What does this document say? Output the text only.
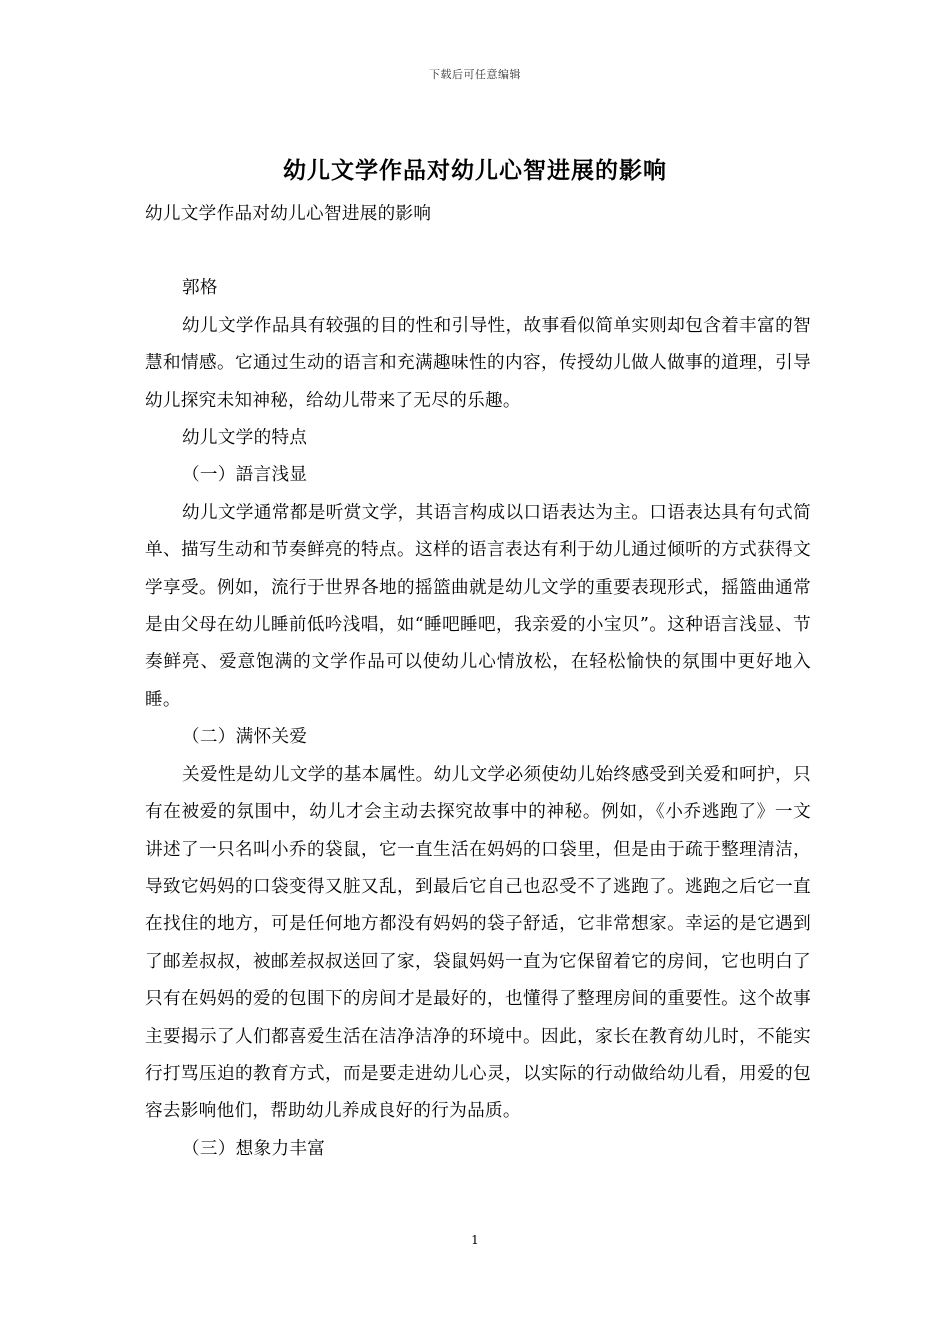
下载后可任意编辑
幼儿文学作品对幼儿心智进展的影响

幼儿文学作品对幼儿心智进展的影响

郭格

幼儿文学作品具有较强的目的性和引导性，故事看似简单实则却包含着丰富的智慧和情感。它通过生动的语言和充满趣味性的内容，传授幼儿做人做事的道理，引导幼儿探究未知神秘，给幼儿带来了无尽的乐趣。

幼儿文学的特点

（一）語言浅显

幼儿文学通常都是听赏文学，其语言构成以口语表达为主。口语表达具有句式简单、描写生动和节奏鲜亮的特点。这样的语言表达有利于幼儿通过倾听的方式获得文学享受。例如，流行于世界各地的摇篮曲就是幼儿文学的重要表现形式，摇篮曲通常是由父母在幼儿睡前低吟浅唱，如“睡吧睡吧，我亲爱的小宝贝”。这种语言浅显、节奏鲜亮、爱意饱满的文学作品可以使幼儿心情放松，在轻松愉快的氛围中更好地入睡。

（二）满怀关爱

关爱性是幼儿文学的基本属性。幼儿文学必须使幼儿始终感受到关爱和呵护，只有在被爱的氛围中，幼儿才会主动去探究故事中的神秘。例如，《小乔逃跑了》一文讲述了一只名叫小乔的袋鼠，它一直生活在妈妈的口袋里，但是由于疏于整理清洁，导致它妈妈的口袋变得又脏又乱，到最后它自己也忍受不了逃跑了。逃跑之后它一直在找住的地方，可是任何地方都没有妈妈的袋子舒适，它非常想家。幸运的是它遇到了邮差叔叔，被邮差叔叔送回了家，袋鼠妈妈一直为它保留着它的房间，它也明白了只有在妈妈的爱的包围下的房间才是最好的，也懂得了整理房间的重要性。这个故事主要揭示了人们都喜爱生活在洁净洁净的环境中。因此，家长在教育幼儿时，不能实行打骂压迫的教育方式，而是要走进幼儿心灵，以实际的行动做给幼儿看，用爱的包容去影响他们，帮助幼儿养成良好的行为品质。

（三）想象力丰富

1
